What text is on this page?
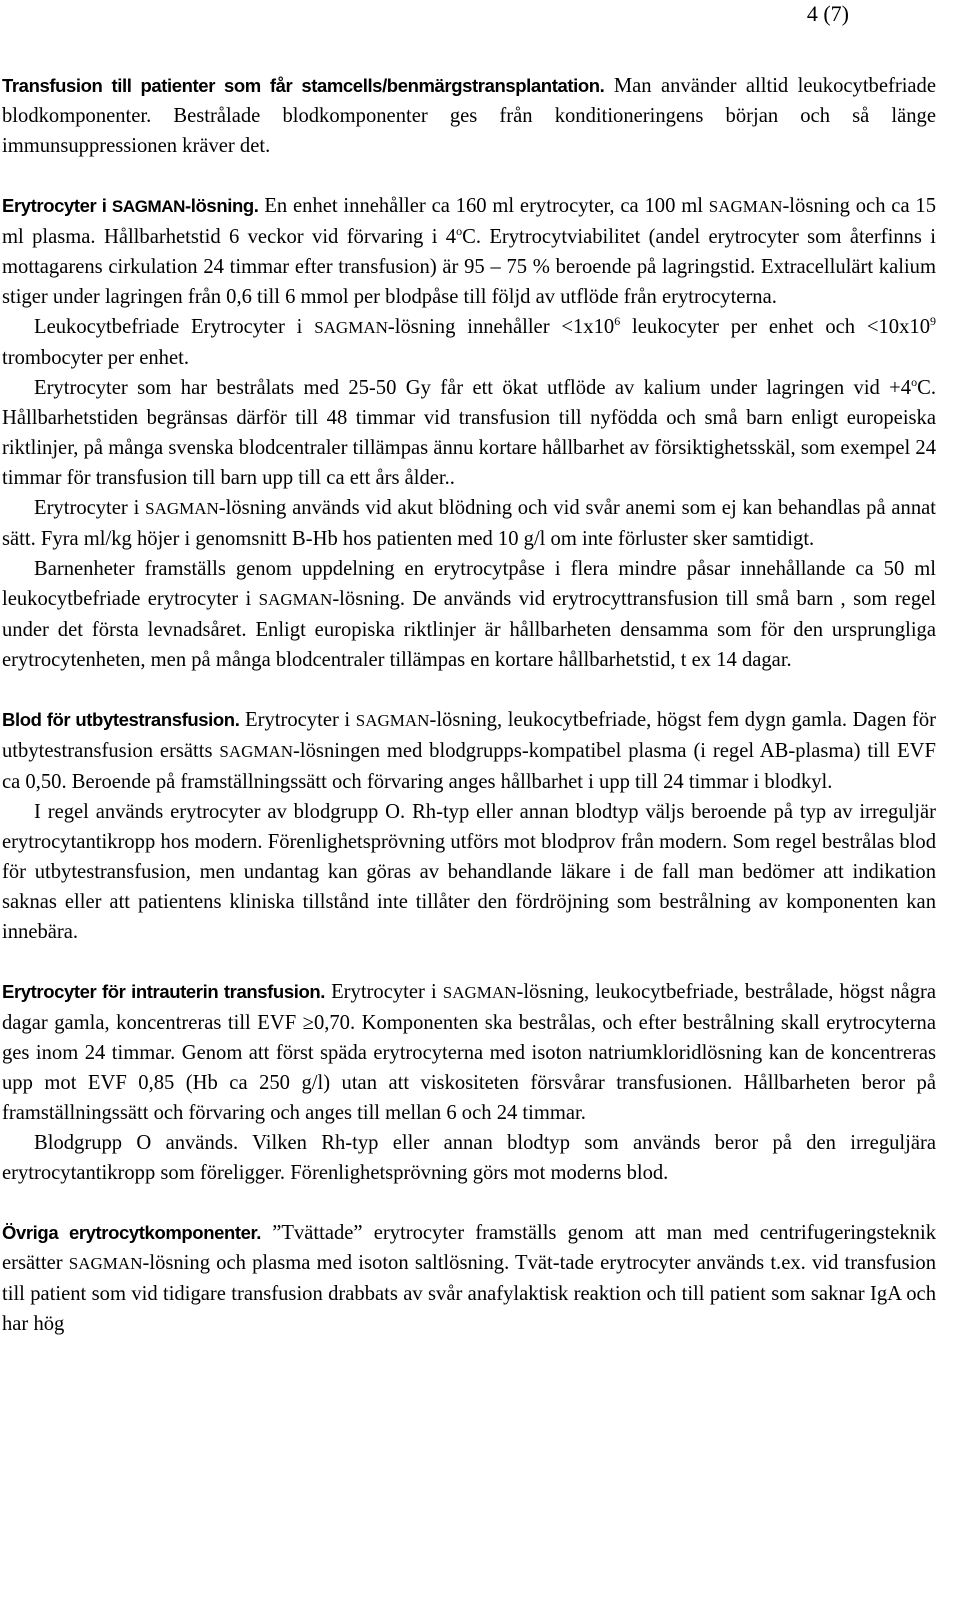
4 (7)

Transfusion till patienter som får stamcells/benmärgstransplantation. Man använder alltid leukocytbefriade blodkomponenter. Bestrålade blodkomponenter ges från konditioneringens början och så länge immunsuppressionen kräver det.

Erytrocyter i SAGMAN-lösning. En enhet innehåller ca 160 ml erytrocyter, ca 100 ml SAGMAN-lösning och ca 15 ml plasma. Hållbarhetstid 6 veckor vid förvaring i 4$^o$C. Erytrocytviabilitet (andel erytrocyter som återfinns i mottagarens cirkulation 24 timmar efter transfusion) är 95 – 75 % beroende på lagringstid. Extracellulärt kalium stiger under lagringen från 0,6 till 6 mmol per blodpåse till följd av utflöde från erytrocyterna.

Leukocytbefriade Erytrocyter i SAGMAN-lösning innehåller $<1x10^6$ leukocyter per enhet och $<10x10^9$ trombocyter per enhet.

Erytrocyter som har bestrålats med 25-50 Gy får ett ökat utflöde av kalium under lagringen vid $+4^oC$. Hållbarhetstiden begränsas därför till 48 timmar vid transfusion till nyfödda och små barn enligt europeiska riktlinjer, på många svenska blodcentraler tillämpas ännu kortare hållbarhet av försiktighetsskäl, som exempel 24 timmar för transfusion till barn upp till ca ett års ålder..

Erytrocyter i SAGMAN-lösning används vid akut blödning och vid svår anemi som ej kan behandlas på annat sätt. Fyra ml/kg höjer i genomsnitt B-Hb hos patienten med 10 g/l om inte förluster sker samtidigt.

Barnenheter framställs genom uppdelning en erytrocytpåse i flera mindre påsar innehållande ca 50 ml leukocytbefriade erytrocyter i SAGMAN-lösning. De används vid erytrocyttransfusion till små barn , som regel under det första levnadsåret. Enligt europiska riktlinjer är hållbarheten densamma som för den ursprungliga erytrocytenheten, men på många blodcentraler tillämpas en kortare hållbarhetstid, t ex 14 dagar.

Blod för utbytestransfusion. Erytrocyter i SAGMAN-lösning, leukocytbefriade, högst fem dygn gamla. Dagen för utbytestransfusion ersätts SAGMAN-lösningen med blodgrupps-kompatibel plasma (i regel AB-plasma) till EVF ca 0,50. Beroende på framställningssätt och förvaring anges hållbarhet i upp till 24 timmar i blodkyl.

I regel används erytrocyter av blodgrupp O. Rh-typ eller annan blodtyp väljs beroende på typ av irreguljär erytrocytantikropp hos modern. Förenlighetsprövning utförs mot blodprov från modern. Som regel bestrålas blod för utbytestransfusion, men undantag kan göras av behandlande läkare i de fall man bedömer att indikation saknas eller att patientens kliniska tillstånd inte tillåter den fördröjning som bestrålning av komponenten kan innebära.

Erytrocyter för intrauterin transfusion. Erytrocyter i SAGMAN-lösning, leukocytbefriade, bestrålade, högst några dagar gamla, koncentreras till EVF ≥0,70. Komponenten ska bestrålas, och efter bestrålning skall erytrocyterna ges inom 24 timmar. Genom att först späda erytrocyterna med isoton natriumkloridlösning kan de koncentreras upp mot EVF 0,85 (Hb ca 250 g/l) utan att viskositeten försvårar transfusionen. Hållbarheten beror på framställningssätt och förvaring och anges till mellan 6 och 24 timmar.

Blodgrupp O används. Vilken Rh-typ eller annan blodtyp som används beror på den irreguljära erytrocytantikropp som föreligger. Förenlighetsprövning görs mot moderns blod.

Övriga erytrocytkomponenter. ”Tvättade” erytrocyter framställs genom att man med centrifugeringsteknik ersätter SAGMAN-lösning och plasma med isoton saltlösning. Tvät-tade erytrocyter används t.ex. vid transfusion till patient som vid tidigare transfusion drabbats av svår anafylaktisk reaktion och till patient som saknar IgA och har hög
